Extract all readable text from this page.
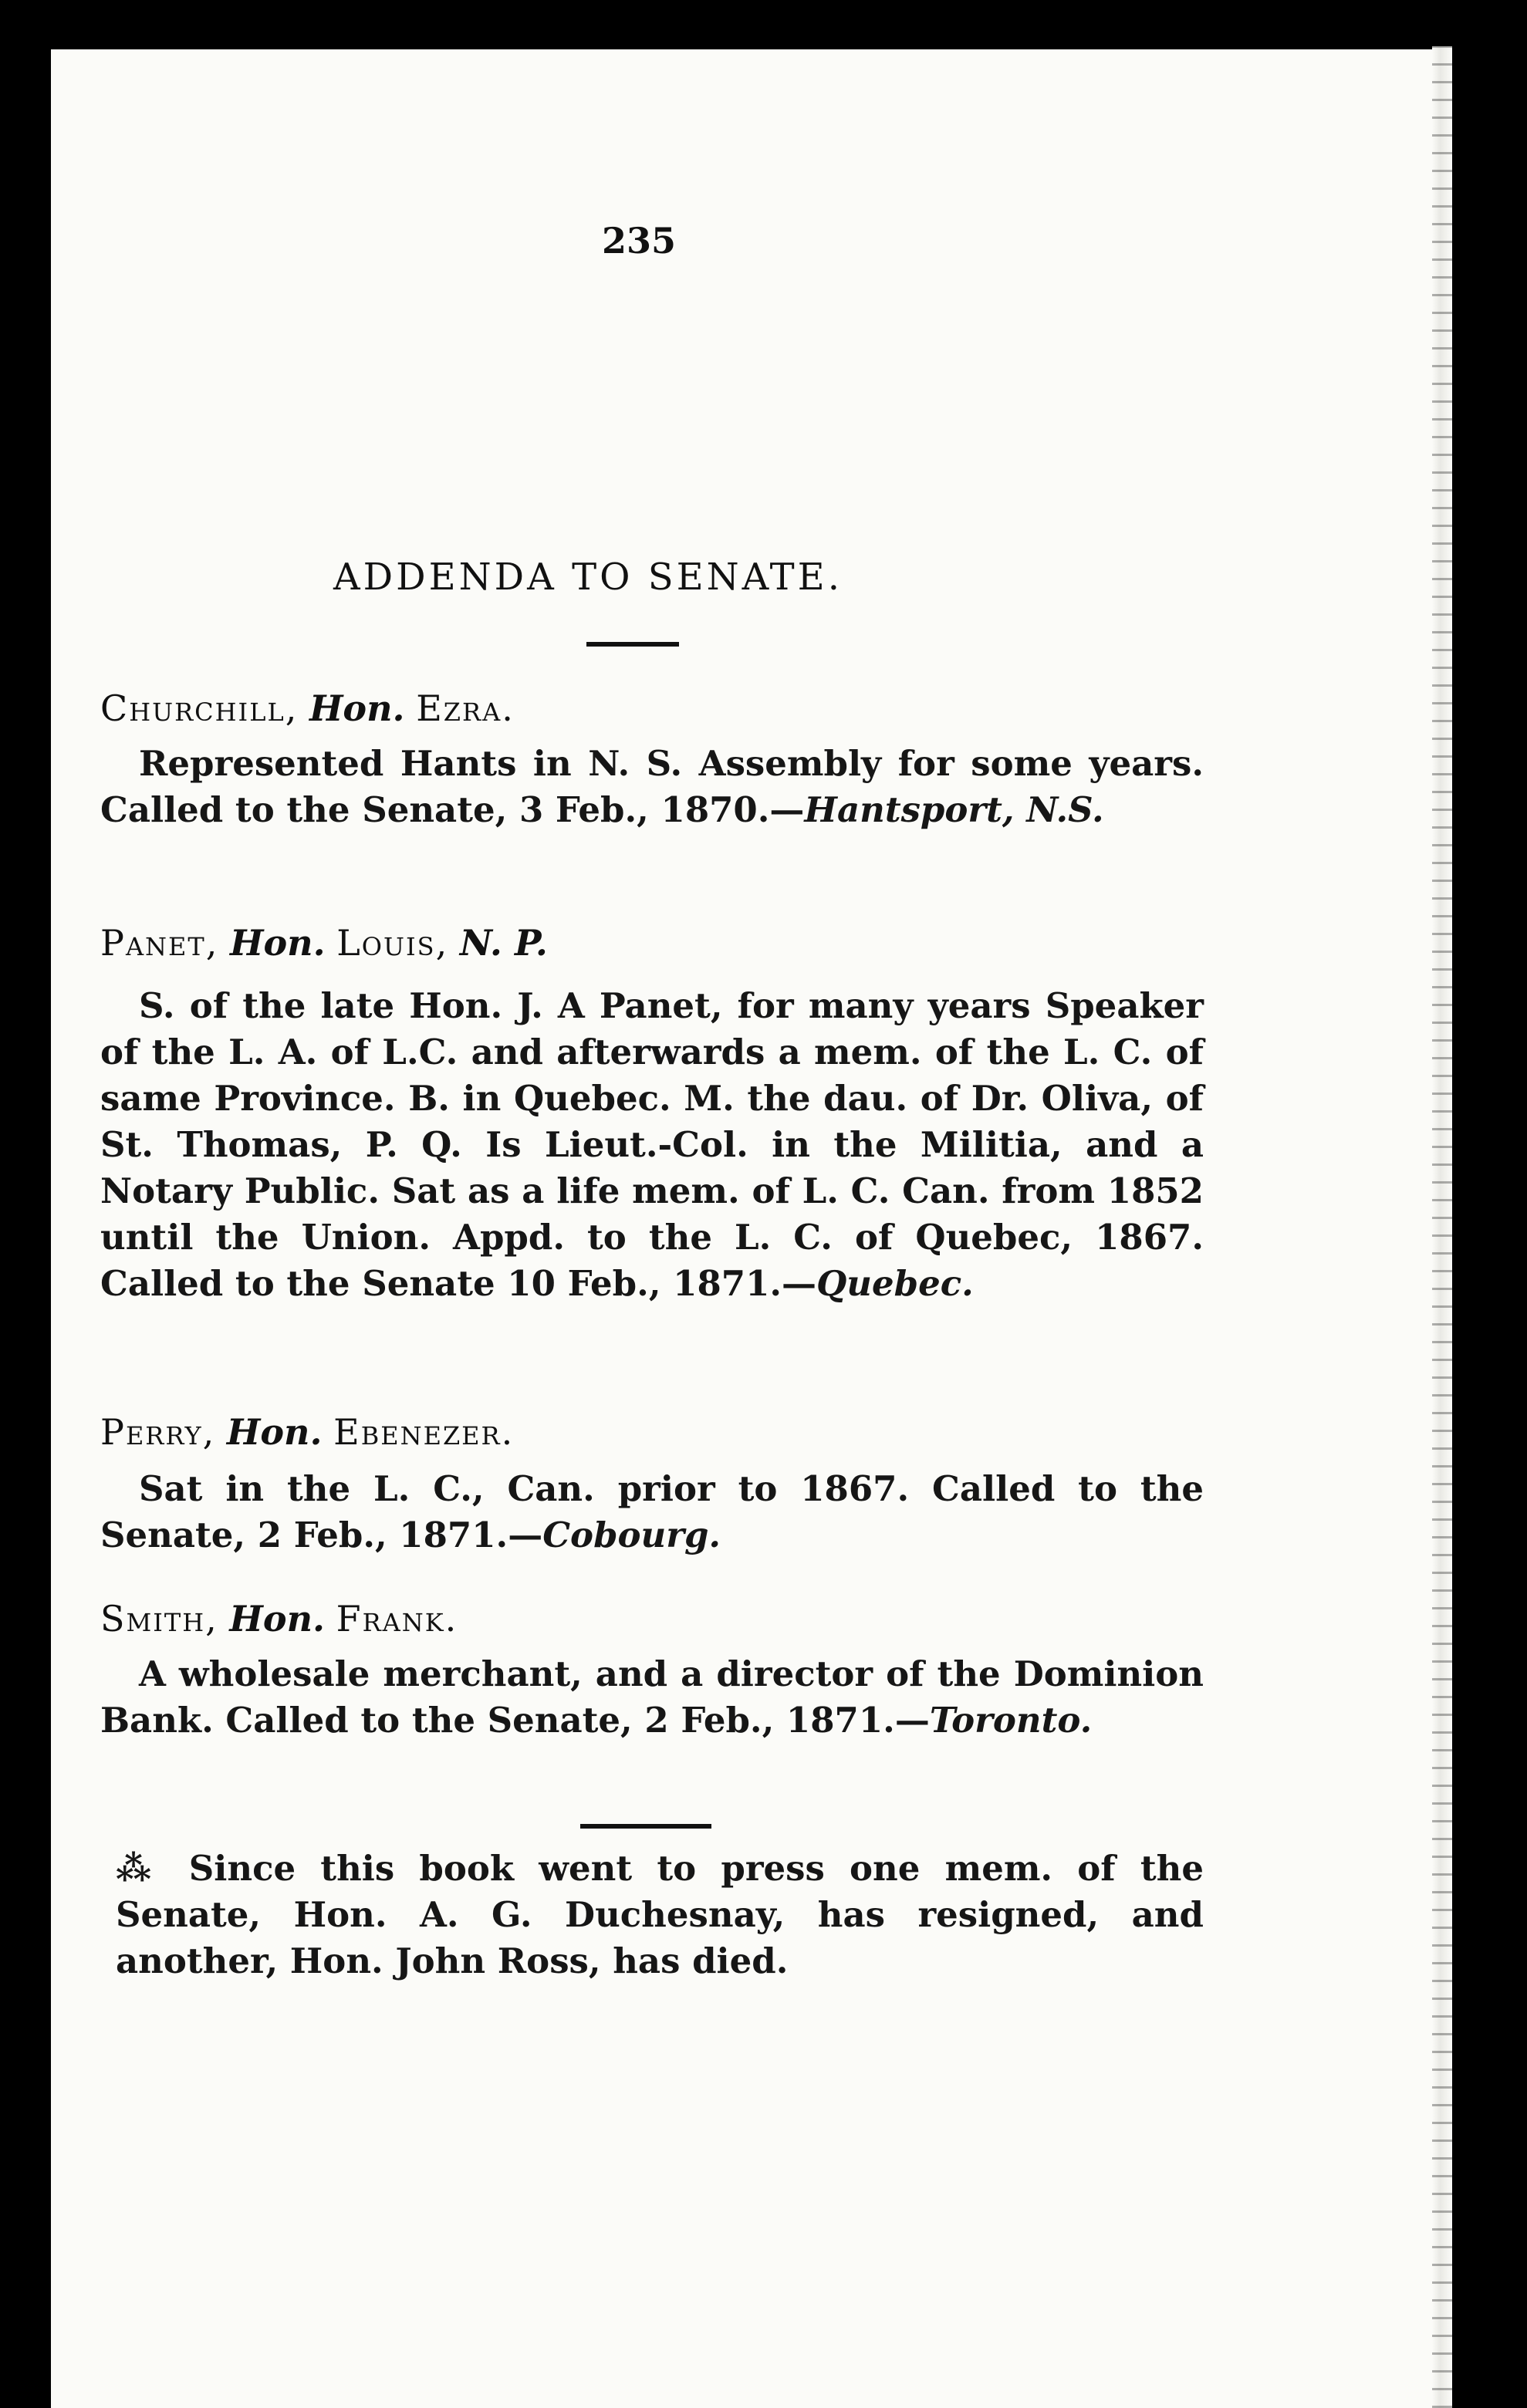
235
ADDENDA TO SENATE.
Churchill, Hon. Ezra.
Represented Hants in N. S. Assembly for some years. Called to the Senate, 3 Feb., 1870.—Hantsport, N.S.
Panet, Hon. Louis, N. P.
S. of the late Hon. J. A Panet, for many years Speaker of the L. A. of L.C. and afterwards a mem. of the L. C. of same Province. B. in Quebec. M. the dau. of Dr. Oliva, of St. Thomas, P. Q. Is Lieut.-Col. in the Militia, and a Notary Public. Sat as a life mem. of L. C. Can. from 1852 until the Union. Appd. to the L. C. of Quebec, 1867. Called to the Senate 10 Feb., 1871.—Quebec.
Perry, Hon. Ebenezer.
Sat in the L. C., Can. prior to 1867. Called to the Senate, 2 Feb., 1871.—Cobourg.
Smith, Hon. Frank.
A wholesale merchant, and a director of the Dominion Bank. Called to the Senate, 2 Feb., 1871.—Toronto.
⁂ Since this book went to press one mem. of the Senate, Hon. A. G. Duchesnay, has resigned, and another, Hon. John Ross, has died.
